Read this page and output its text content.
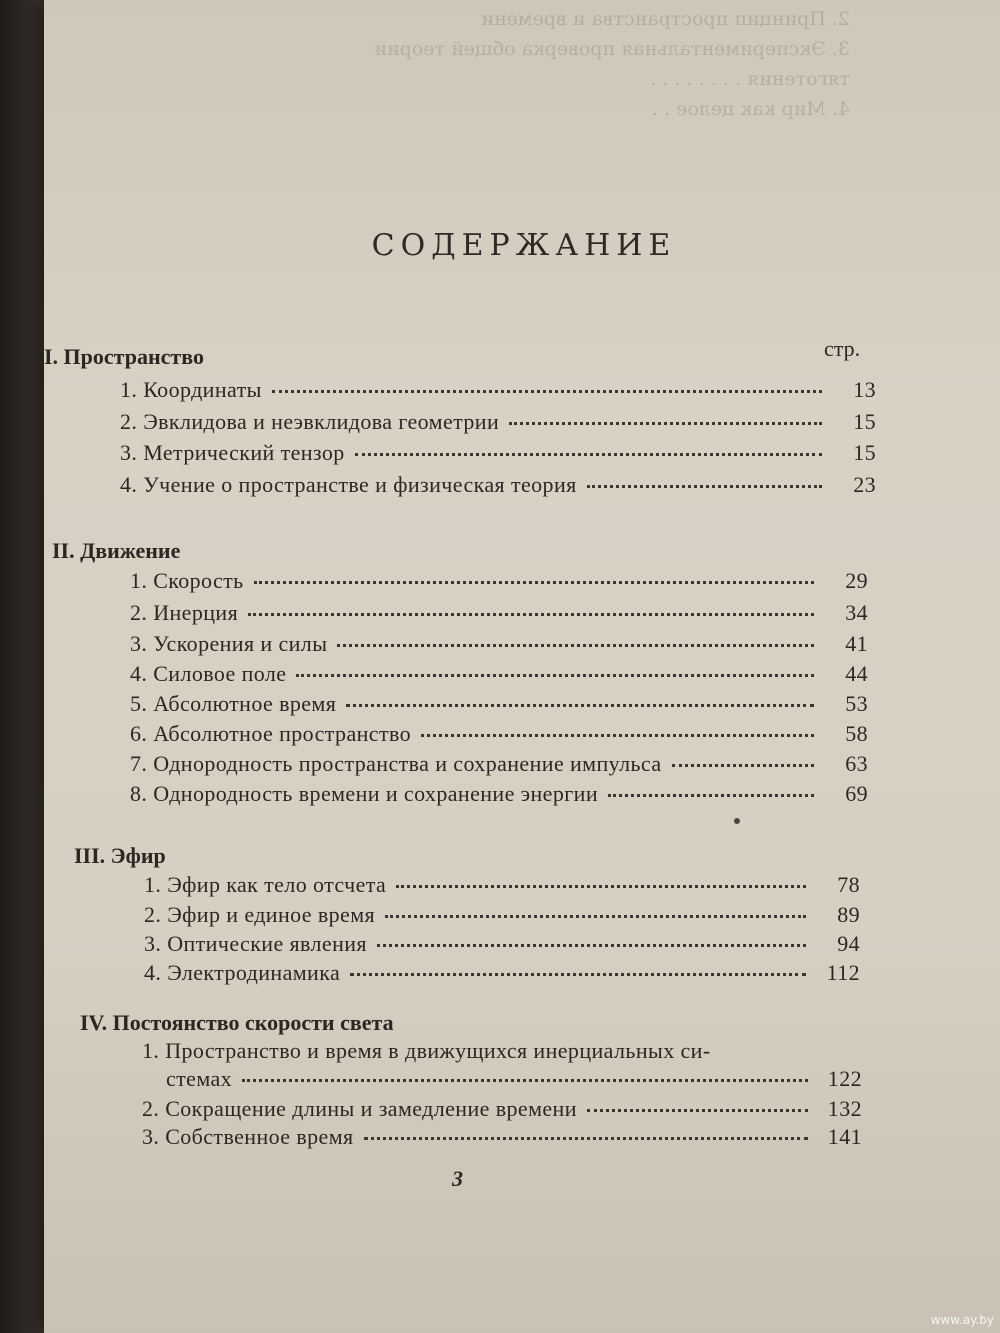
2. Принцип пространства и времени
3. Экспериментальная проверка общей теории
тяготения . . . . . . . .
4. Мир как целое . .
СОДЕРЖАНИЕ
стр.
I. Пространство
1. Координаты	13
2. Эвклидова и неэвклидова геометрии	15
3. Метрический тензор	15
4. Учение о пространстве и физическая теория	23
II. Движение
1. Скорость	29
2. Инерция	34
3. Ускорения и силы	41
4. Силовое поле	44
5. Абсолютное время	53
6. Абсолютное пространство	58
7. Однородность пространства и сохранение импульса	63
8. Однородность времени и сохранение энергии	69
III. Эфир
1. Эфир как тело отсчета	78
2. Эфир и единое время	89
3. Оптические явления	94
4. Электродинамика	112
IV. Постоянство скорости света
1. Пространство и время в движущихся инерциальных си-
стемах	122
2. Сокращение длины и замедление времени	132
3. Собственное время	141
3
www.ay.by
